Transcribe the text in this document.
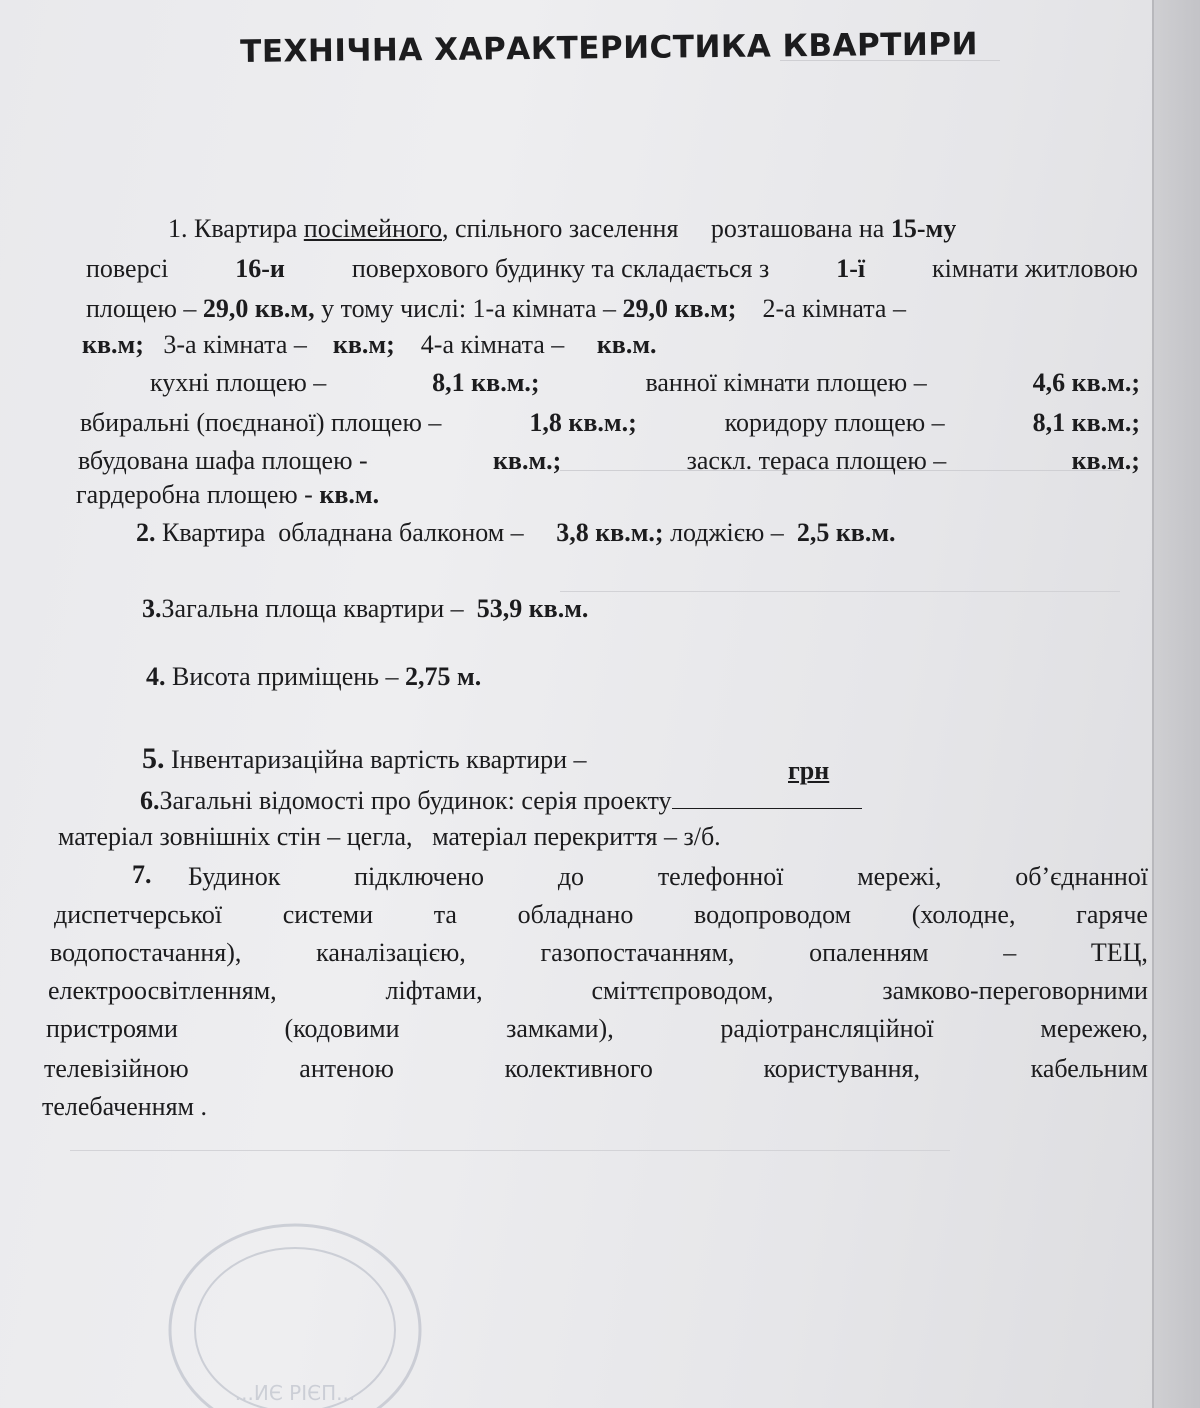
ТЕХНІЧНА ХАРАКТЕРИСТИКА КВАРТИРИ
1. Квартира посімейного, спільного заселення розташована на 15-му
поверсі	16-и	поверхового будинку та складається з	1-ї	кімнати житловою
площею – 29,0 кв.м, у тому числі: 1-а кімната – 29,0 кв.м; 2-а кімната –
кв.м; 3-а кімната – кв.м; 4-а кімната – кв.м.
кухні площею –	8,1 кв.м.;	ванної кімнати площею –	4,6 кв.м.;
вбиральні (поєднаної) площею –	1,8 кв.м.;	коридору площею –	8,1 кв.м.;
вбудована шафа площею -	кв.м.;	заскл. тераса площею –	кв.м.;
гардеробна площею - кв.м.
2. Квартира обладнана балконом – 3,8 кв.м.; лоджією – 2,5 кв.м.
3.Загальна площа квартири – 53,9 кв.м.
4. Висота приміщень – 2,75 м.
5. Інвентаризаційна вартість квартири –	грн
6.Загальні відомості про будинок: серія проекту
матеріал зовнішніх стін – цегла, матеріал перекриття – з/б.
7. Будинок	підключено	до	телефонної	мережі,	об’єднанної
диспетчерської системи та обладнано водопроводом (холодне, гаряче
водопостачання),	каналізацією,	газопостачанням,	опаленням	–	ТЕЦ,
електроосвітленням,	ліфтами,	сміттєпроводом,	замково-переговорними
пристроями	(кодовими	замками),	радіотрансляційної	мережею,
телевізійною	антеною	колективного	користування,	кабельним
телебаченням .
...ИЄ РІЄП...
